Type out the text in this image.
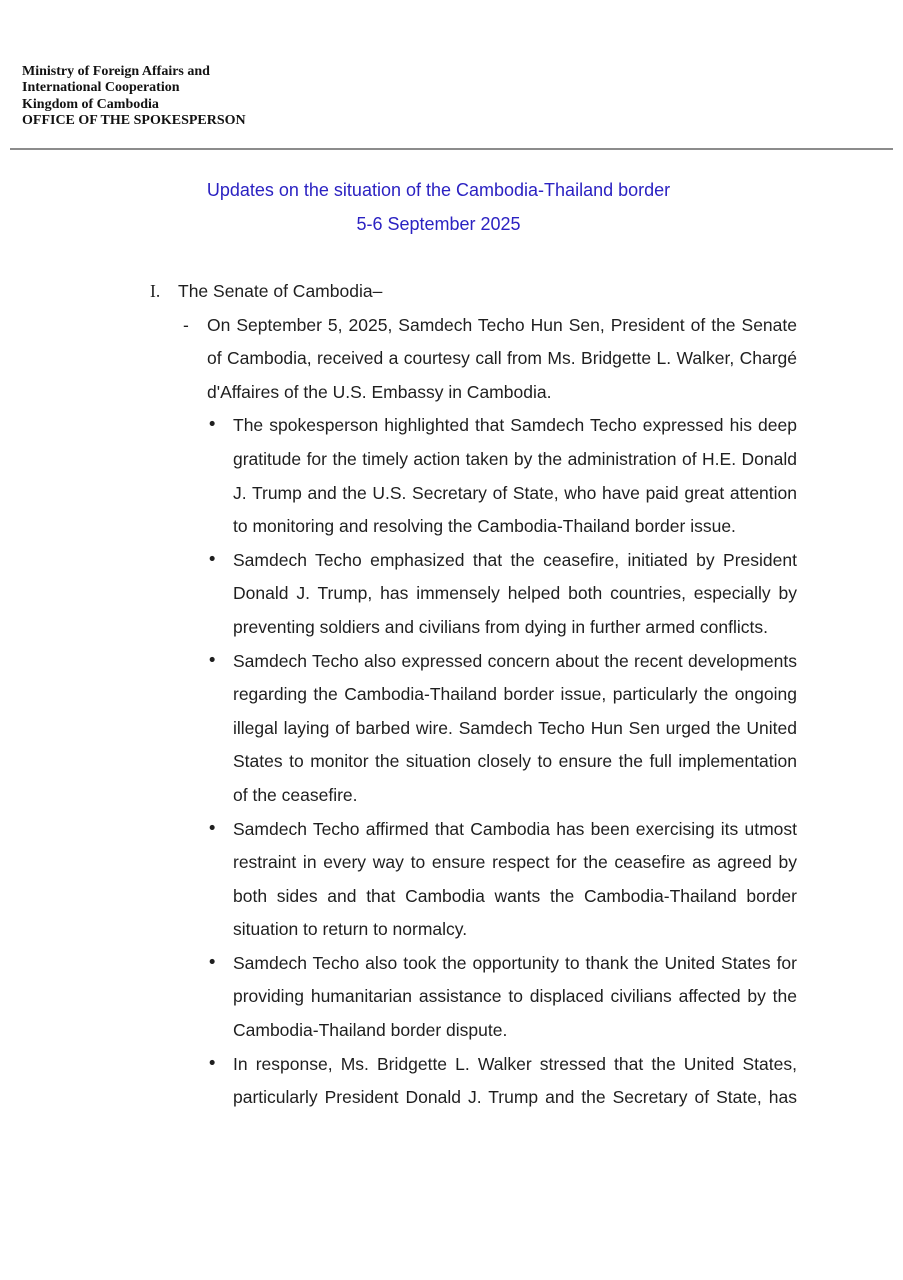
Ministry of Foreign Affairs and
International Cooperation
Kingdom of Cambodia
OFFICE OF THE SPOKESPERSON
Updates on the situation of the Cambodia-Thailand border
5-6 September 2025
I.	The Senate of Cambodia–
-	On September 5, 2025, Samdech Techo Hun Sen, President of the Senate of Cambodia, received a courtesy call from Ms. Bridgette L. Walker, Chargé d'Affaires of the U.S. Embassy in Cambodia.

• The spokesperson highlighted that Samdech Techo expressed his deep gratitude for the timely action taken by the administration of H.E. Donald J. Trump and the U.S. Secretary of State, who have paid great attention to monitoring and resolving the Cambodia-Thailand border issue.

• Samdech Techo emphasized that the ceasefire, initiated by President Donald J. Trump, has immensely helped both countries, especially by preventing soldiers and civilians from dying in further armed conflicts.

• Samdech Techo also expressed concern about the recent developments regarding the Cambodia-Thailand border issue, particularly the ongoing illegal laying of barbed wire. Samdech Techo Hun Sen urged the United States to monitor the situation closely to ensure the full implementation of the ceasefire.

• Samdech Techo affirmed that Cambodia has been exercising its utmost restraint in every way to ensure respect for the ceasefire as agreed by both sides and that Cambodia wants the Cambodia-Thailand border situation to return to normalcy.

• Samdech Techo also took the opportunity to thank the United States for providing humanitarian assistance to displaced civilians affected by the Cambodia-Thailand border dispute.

• In response, Ms. Bridgette L. Walker stressed that the United States, particularly President Donald J. Trump and the Secretary of State, has
